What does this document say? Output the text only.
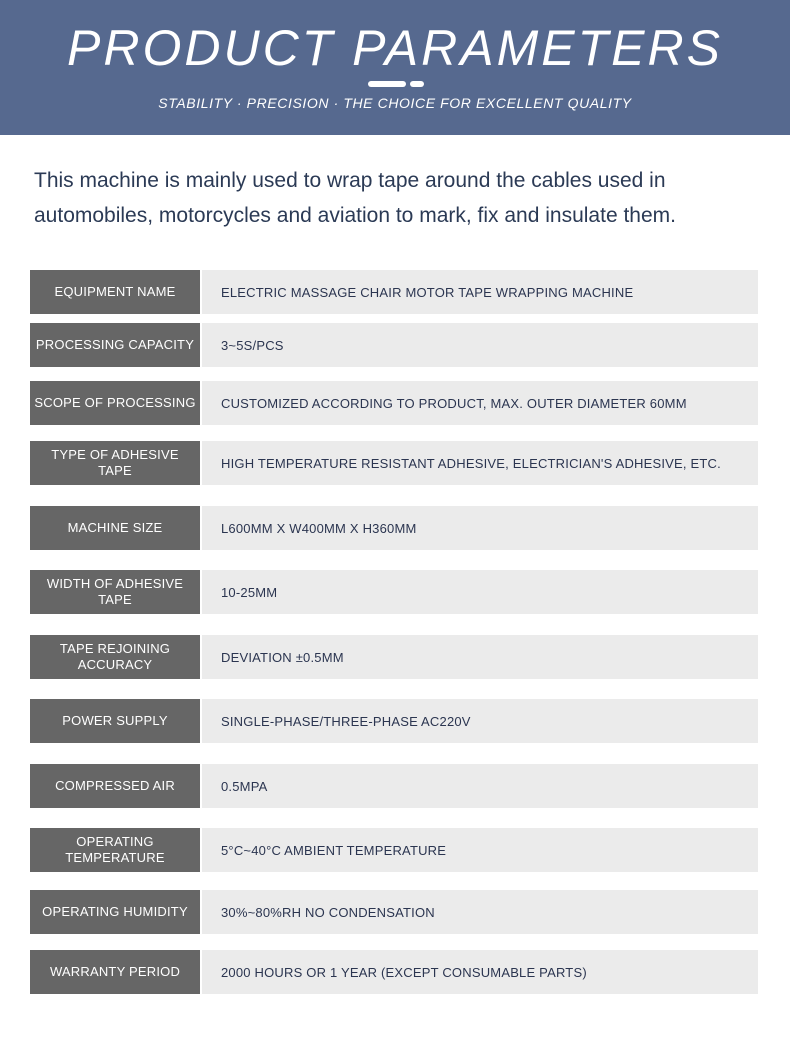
PRODUCT PARAMETERS
STABILITY · PRECISION · THE CHOICE FOR EXCELLENT QUALITY
This machine is mainly used to wrap tape around the cables used in automobiles, motorcycles and aviation to mark, fix and insulate them.
EQUIPMENT NAME	ELECTRIC MASSAGE CHAIR MOTOR TAPE WRAPPING MACHINE
PROCESSING CAPACITY	3~5S/PCS
SCOPE OF PROCESSING	CUSTOMIZED ACCORDING TO PRODUCT, MAX. OUTER DIAMETER 60MM
TYPE OF ADHESIVE TAPE	HIGH TEMPERATURE RESISTANT ADHESIVE, ELECTRICIAN'S ADHESIVE, ETC.
MACHINE SIZE	L600MM X W400MM X H360MM
WIDTH OF ADHESIVE TAPE	10-25MM
TAPE REJOINING ACCURACY	DEVIATION ±0.5MM
POWER SUPPLY	SINGLE-PHASE/THREE-PHASE AC220V
COMPRESSED AIR	0.5MPA
OPERATING TEMPERATURE	5°C~40°C AMBIENT TEMPERATURE
OPERATING HUMIDITY	30%~80%RH NO CONDENSATION
WARRANTY PERIOD	2000 HOURS OR 1 YEAR (EXCEPT CONSUMABLE PARTS)
